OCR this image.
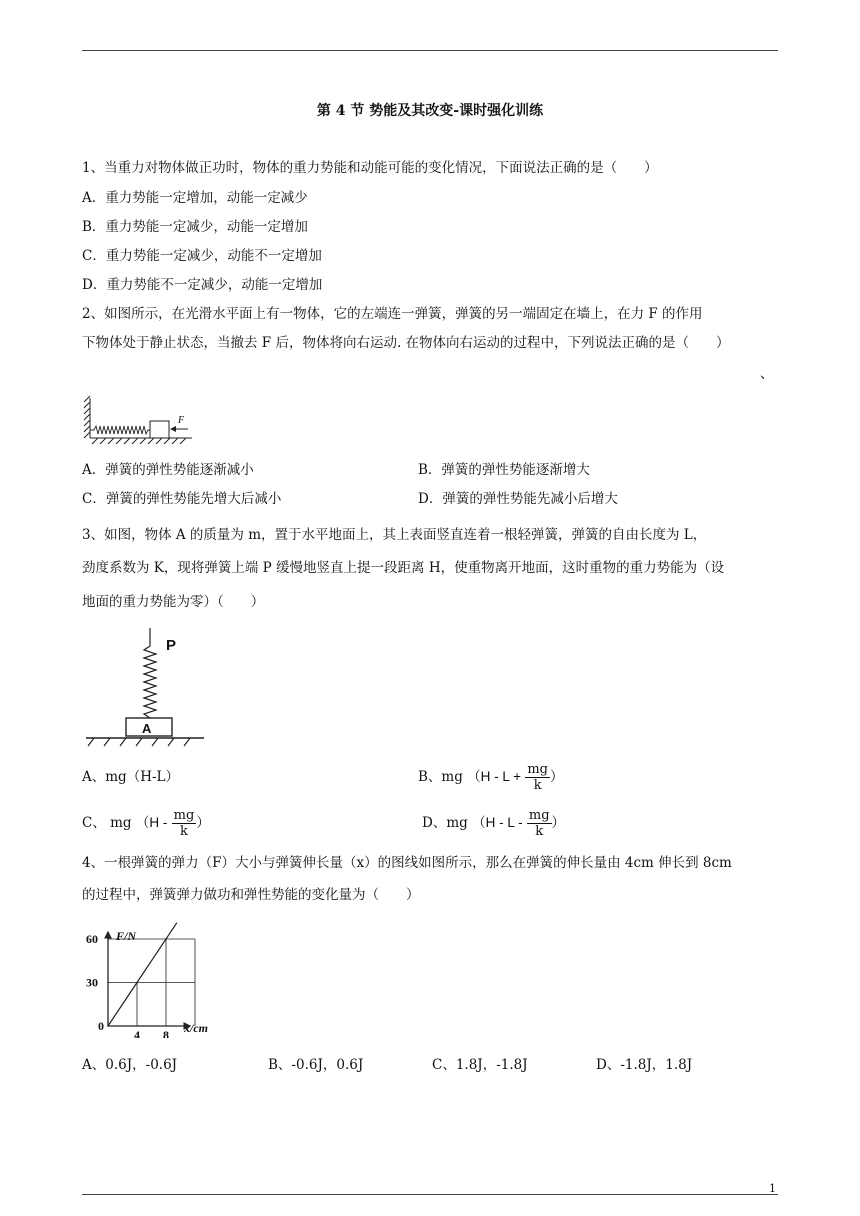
第 4 节 势能及其改变-课时强化训练
1、当重力对物体做正功时，物体的重力势能和动能可能的变化情况，下面说法正确的是（　　）
A．重力势能一定增加，动能一定减少
B．重力势能一定减少，动能一定增加
C．重力势能一定减少，动能不一定增加
D．重力势能不一定减少，动能一定增加
2、如图所示，在光滑水平面上有一物体，它的左端连一弹簧，弹簧的另一端固定在墙上，在力 F 的作用
下物体处于静止状态，当撤去 F 后，物体将向右运动. 在物体向右运动的过程中，下列说法正确的是（　　）
、
F
A．弹簧的弹性势能逐渐减小	B．弹簧的弹性势能逐渐增大
C．弹簧的弹性势能先增大后减小	D．弹簧的弹性势能先减小后增大
3、如图，物体 A 的质量为 m，置于水平地面上，其上表面竖直连着一根轻弹簧，弹簧的自由长度为 L，
劲度系数为 K，现将弹簧上端 P 缓慢地竖直上提一段距离 H，使重物离开地面，这时重物的重力势能为（设
地面的重力势能为零）（　　）
P
A
A、mg（H-L）	B、mg （$H - L + \frac{mg}{k}$ ）
C、 mg （$H - \frac{mg}{k}$ ）	D、mg （H - L - $\frac{mg}{k}$ ）
4、一根弹簧的弹力（F）大小与弹簧伸长量（x）的图线如图所示，那么在弹簧的伸长量由 4cm 伸长到 8cm
的过程中，弹簧弹力做功和弹性势能的变化量为（　　）
F/N
x/cm
0
30
60
4 8
A、0.6J，-0.6J	B、-0.6J，0.6J	C、1.8J，-1.8J	D、-1.8J，1.8J
1
